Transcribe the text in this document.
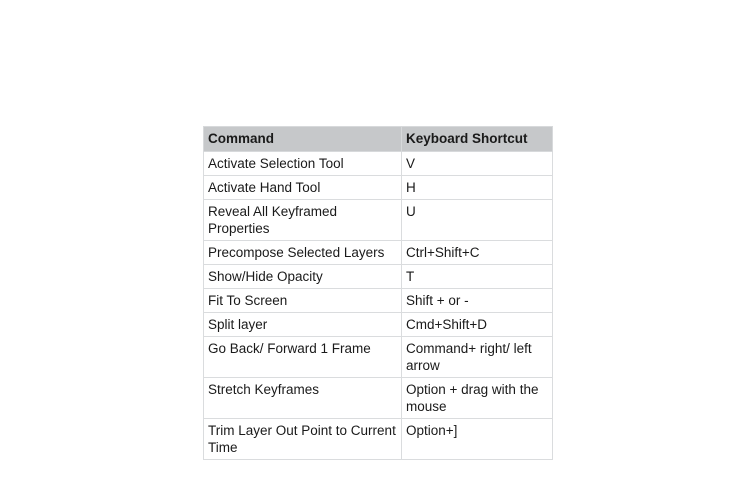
Command	Keyboard Shortcut
Activate Selection Tool	V
Activate Hand Tool	H
Reveal All Keyframed Properties	U
Precompose Selected Layers	Ctrl+Shift+C
Show/Hide Opacity	T
Fit To Screen	Shift + or -
Split layer	Cmd+Shift+D
Go Back/ Forward 1 Frame	Command+ right/ left arrow
Stretch Keyframes	Option + drag with the mouse
Trim Layer Out Point to Current Time	Option+]
